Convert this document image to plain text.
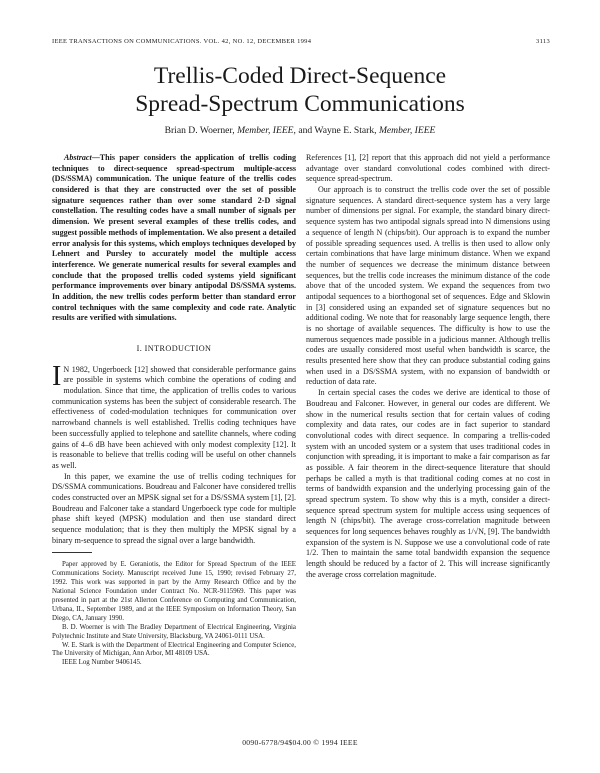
IEEE TRANSACTIONS ON COMMUNICATIONS. VOL. 42, NO. 12, DECEMBER 1994	3113
Trellis-Coded Direct-Sequence
Spread-Spectrum Communications
Brian D. Woerner, Member, IEEE, and Wayne E. Stark, Member, IEEE

Abstract—This paper considers the application of trellis coding techniques to direct-sequence spread-spectrum multiple-access (DS/SSMA) communication. The unique feature of the trellis codes considered is that they are constructed over the set of possible signature sequences rather than over some standard 2-D signal constellation. The resulting codes have a small number of signals per dimension. We present several examples of these trellis codes, and suggest possible methods of implementation. We also present a detailed error analysis for this systems, which employs techniques developed by Lehnert and Pursley to accurately model the multiple access interference. We generate numerical results for several examples and conclude that the proposed trellis coded systems yield significant performance improvements over binary antipodal DS/SSMA systems. In addition, the new trellis codes perform better than standard error control techniques with the same complexity and code rate. Analytic results are verified with simulations.

I. INTRODUCTION

I N 1982, Ungerboeck [12] showed that considerable performance gains are possible in systems which combine the operations of coding and modulation. Since that time, the application of trellis codes to various communication systems has been the subject of considerable research. The effectiveness of coded-modulation techniques for communication over narrowband channels is well established. Trellis coding techniques have been successfully applied to telephone and satellite channels, where coding gains of 4–6 dB have been achieved with only modest complexity [12]. It is reasonable to believe that trellis coding will be useful on other channels as well.

In this paper, we examine the use of trellis coding techniques for DS/SSMA communications. Boudreau and Falconer have considered trellis codes constructed over an MPSK signal set for a DS/SSMA system [1], [2]. Boudreau and Falconer take a standard Ungerboeck type code for multiple phase shift keyed (MPSK) modulation and then use standard direct sequence modulation; that is they then multiply the MPSK signal by a binary m-sequence to spread the signal over a large bandwidth.

Paper approved by E. Geraniotis, the Editor for Spread Spectrum of the IEEE Communications Society. Manuscript received June 15, 1990; revised February 27, 1992. This work was supported in part by the Army Research Office and by the National Science Foundation under Contract No. NCR-9115969. This paper was presented in part at the 21st Allerton Conference on Computing and Communication, Urbana, IL, September 1989, and at the IEEE Symposium on Information Theory, San Diego, CA, January 1990.

B. D. Woerner is with The Bradley Department of Electrical Engineering, Virginia Polytechnic Institute and State University, Blacksburg, VA 24061-0111 USA.

W. E. Stark is with the Department of Electrical Engineering and Computer Science, The University of Michigan, Ann Arbor, MI 48109 USA.

IEEE Log Number 9406145.

References [1], [2] report that this approach did not yield a performance advantage over standard convolutional codes combined with direct-sequence spread-spectrum.

Our approach is to construct the trellis code over the set of possible signature sequences. A standard direct-sequence system has a very large number of dimensions per signal. For example, the standard binary direct-sequence system has two antipodal signals spread into N dimensions using a sequence of length N (chips/bit). Our approach is to expand the number of possible spreading sequences used. A trellis is then used to allow only certain combinations that have large minimum distance. When we expand the number of sequences we decrease the minimum distance between sequences, but the trellis code increases the minimum distance of the code above that of the uncoded system. We expand the sequences from two antipodal sequences to a biorthogonal set of sequences. Edge and Sklowin in [3] considered using an expanded set of signature sequences but no additional coding. We note that for reasonably large sequence length, there is no shortage of available sequences. The difficulty is how to use the numerous sequences made possible in a judicious manner. Although trellis codes are usually considered most useful when bandwidth is scarce, the results presented here show that they can produce substantial coding gains when used in a DS/SSMA system, with no expansion of bandwidth or reduction of data rate.

In certain special cases the codes we derive are identical to those of Boudreau and Falconer. However, in general our codes are different. We show in the numerical results section that for certain values of coding complexity and data rates, our codes are in fact superior to standard convolutional codes with direct sequence. In comparing a trellis-coded system with an uncoded system or a system that uses traditional codes in conjunction with spreading, it is important to make a fair comparison as far as possible. A fair theorem in the direct-sequence literature that should perhaps be called a myth is that traditional coding comes at no cost in terms of bandwidth expansion and the underlying processing gain of the spread spectrum system. To show why this is a myth, consider a direct-sequence spread spectrum system for multiple access using sequences of length N (chips/bit). The average cross-correlation magnitude between sequences for long sequences behaves roughly as 1/√N, [9]. The bandwidth expansion of the system is N. Suppose we use a convolutional code of rate 1/2. Then to maintain the same total bandwidth expansion the sequence length should be reduced by a factor of 2. This will increase significantly the average cross correlation magnitude.

0090-6778/94$04.00 © 1994 IEEE
